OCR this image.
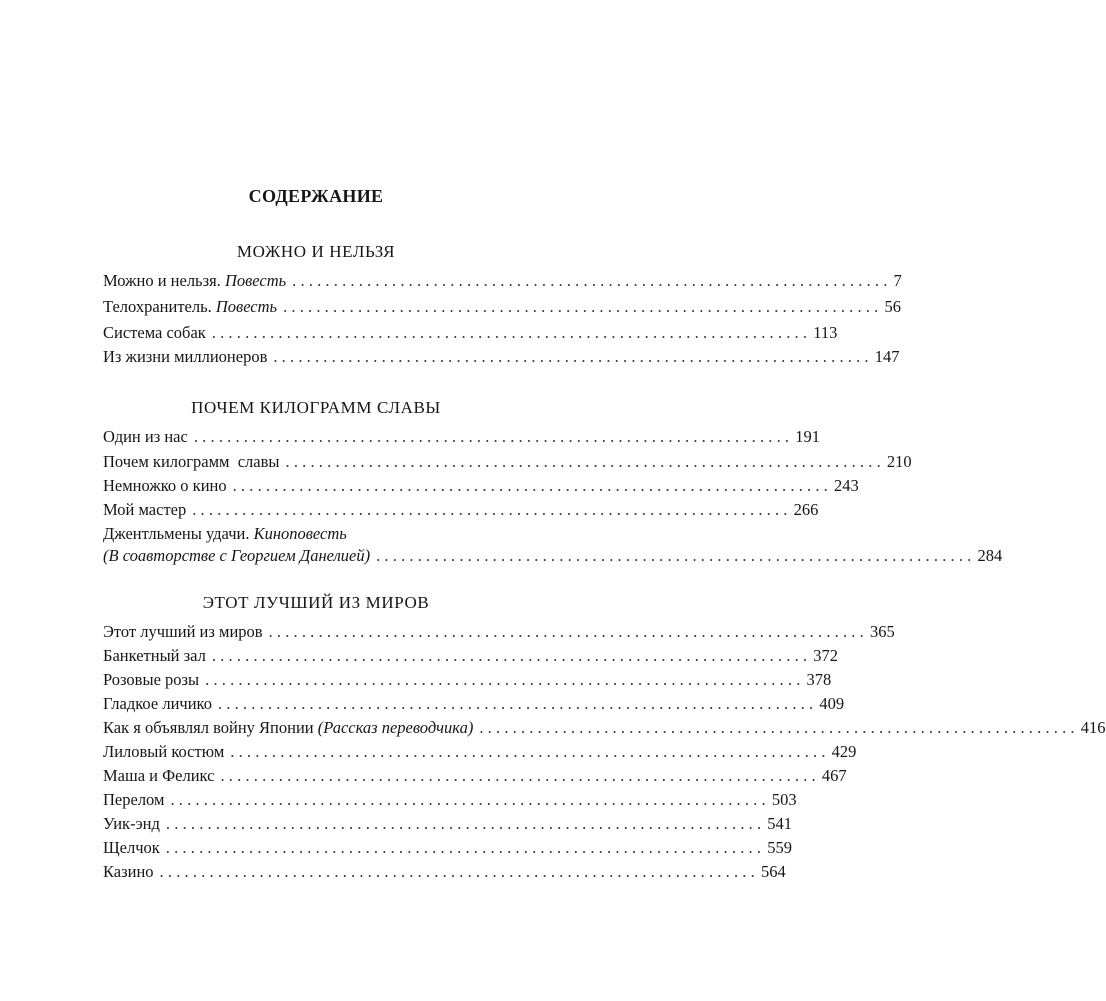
СОДЕРЖАНИЕ
МОЖНО И НЕЛЬЗЯ
Можно и нельзя. Повесть ........................................................................ 7
Телохранитель. Повесть ........................................................................ 56
Система собак ........................................................................ 113
Из жизни миллионеров ........................................................................ 147
ПОЧЕМ КИЛОГРАММ СЛАВЫ
Один из нас ........................................................................ 191
Почем килограмм  славы ........................................................................ 210
Немножко о кино ........................................................................ 243
Мой мастер ........................................................................ 266
Джентльмены удачи. Киноповесть
(В соавторстве с Георгием Данелией) ........................................................................ 284
ЭТОТ ЛУЧШИЙ ИЗ МИРОВ
Этот лучший из миров ........................................................................ 365
Банкетный зал ........................................................................ 372
Розовые розы ........................................................................ 378
Гладкое личико ........................................................................ 409
Как я объявлял войну Японии (Рассказ переводчика) ........................................................................ 416
Лиловый костюм ........................................................................ 429
Маша и Феликс ........................................................................ 467
Перелом ........................................................................ 503
Уик-энд ........................................................................ 541
Щелчок ........................................................................ 559
Казино ........................................................................ 564
